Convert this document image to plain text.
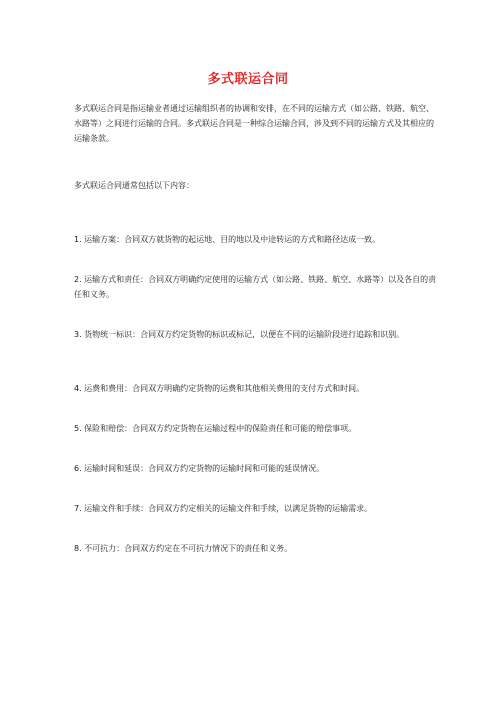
多式联运合同
多式联运合同是指运输业者通过运输组织者的协调和安排，在不同的运输方式（如公路、铁路、航空、水路等）之间进行运输的合同。多式联运合同是一种综合运输合同，涉及到不同的运输方式及其相应的运输条款。
多式联运合同通常包括以下内容：
1. 运输方案：合同双方就货物的起运地、目的地以及中途转运的方式和路径达成一致。
2. 运输方式和责任：合同双方明确约定使用的运输方式（如公路、铁路、航空、水路等）以及各自的责任和义务。
3. 货物统一标识：合同双方约定货物的标识或标记，以便在不同的运输阶段进行追踪和识别。
4. 运费和费用：合同双方明确约定货物的运费和其他相关费用的支付方式和时间。
5. 保险和赔偿：合同双方约定货物在运输过程中的保险责任和可能的赔偿事项。
6. 运输时间和延误：合同双方约定货物的运输时间和可能的延误情况。
7. 运输文件和手续：合同双方约定相关的运输文件和手续，以满足货物的运输需求。
8. 不可抗力：合同双方约定在不可抗力情况下的责任和义务。
